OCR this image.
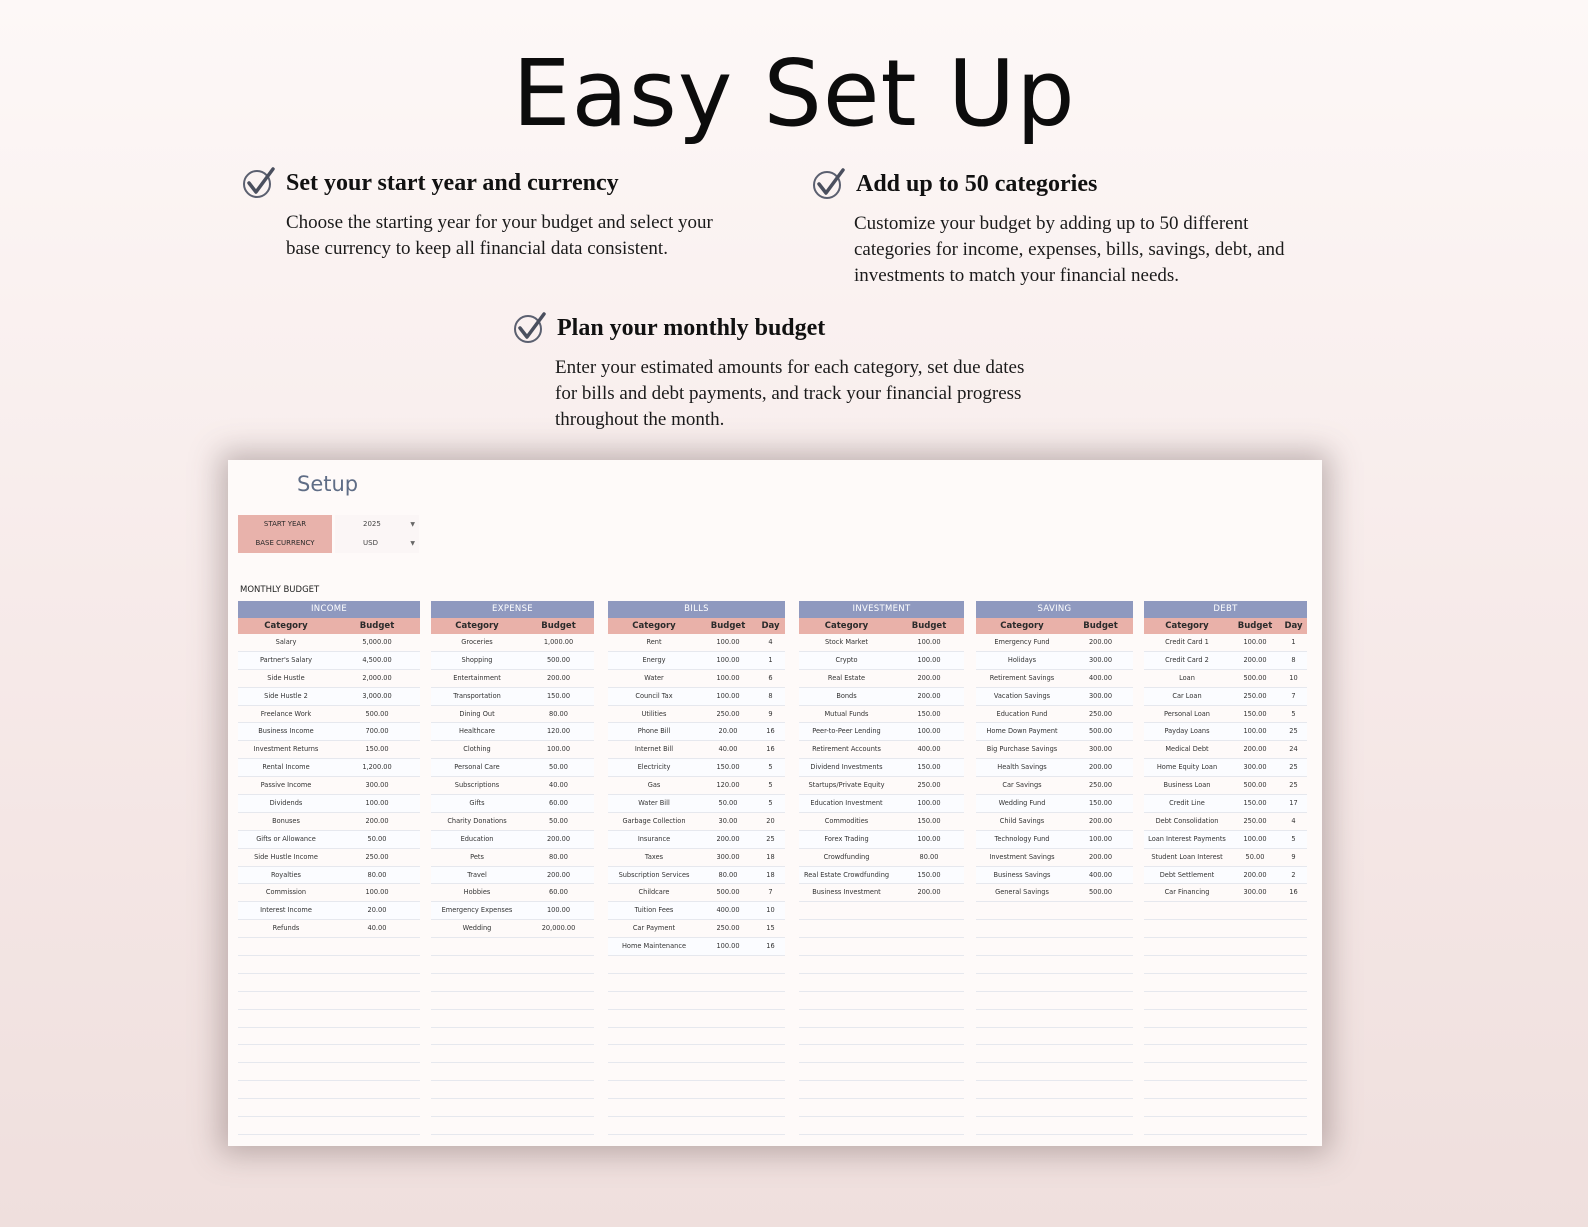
Easy Set Up
Set your start year and currency

Choose the starting year for your budget and select your base currency to keep all financial data consistent.

Add up to 50 categories

Customize your budget by adding up to 50 different categories for income, expenses, bills, savings, debt, and investments to match your financial needs.

Plan your monthly budget

Enter your estimated amounts for each category, set due dates for bills and debt payments, and track your financial progress throughout the month.

Setup
START YEAR	2025	▼
BASE CURRENCY	USD	▼
MONTHLY BUDGET
INCOME
Category	Budget
Salary	5,000.00
Partner's Salary	4,500.00
Side Hustle	2,000.00
Side Hustle 2	3,000.00
Freelance Work	500.00
Business Income	700.00
Investment Returns	150.00
Rental Income	1,200.00
Passive Income	300.00
Dividends	100.00
Bonuses	200.00
Gifts or Allowance	50.00
Side Hustle Income	250.00
Royalties	80.00
Commission	100.00
Interest Income	20.00
Refunds	40.00
EXPENSE
Category	Budget
Groceries	1,000.00
Shopping	500.00
Entertainment	200.00
Transportation	150.00
Dining Out	80.00
Healthcare	120.00
Clothing	100.00
Personal Care	50.00
Subscriptions	40.00
Gifts	60.00
Charity Donations	50.00
Education	200.00
Pets	80.00
Travel	200.00
Hobbies	60.00
Emergency Expenses	100.00
Wedding	20,000.00
BILLS
Category	Budget	Day
Rent	100.00	4
Energy	100.00	1
Water	100.00	6
Council Tax	100.00	8
Utilities	250.00	9
Phone Bill	20.00	16
Internet Bill	40.00	16
Electricity	150.00	5
Gas	120.00	5
Water Bill	50.00	5
Garbage Collection	30.00	20
Insurance	200.00	25
Taxes	300.00	18
Subscription Services	80.00	18
Childcare	500.00	7
Tuition Fees	400.00	10
Car Payment	250.00	15
Home Maintenance	100.00	16
INVESTMENT
Category	Budget
Stock Market	100.00
Crypto	100.00
Real Estate	200.00
Bonds	200.00
Mutual Funds	150.00
Peer-to-Peer Lending	100.00
Retirement Accounts	400.00
Dividend Investments	150.00
Startups/Private Equity	250.00
Education Investment	100.00
Commodities	150.00
Forex Trading	100.00
Crowdfunding	80.00
Real Estate Crowdfunding	150.00
Business Investment	200.00
SAVING
Category	Budget
Emergency Fund	200.00
Holidays	300.00
Retirement Savings	400.00
Vacation Savings	300.00
Education Fund	250.00
Home Down Payment	500.00
Big Purchase Savings	300.00
Health Savings	200.00
Car Savings	250.00
Wedding Fund	150.00
Child Savings	200.00
Technology Fund	100.00
Investment Savings	200.00
Business Savings	400.00
General Savings	500.00
DEBT
Category	Budget	Day
Credit Card 1	100.00	1
Credit Card 2	200.00	8
Loan	500.00	10
Car Loan	250.00	7
Personal Loan	150.00	5
Payday Loans	100.00	25
Medical Debt	200.00	24
Home Equity Loan	300.00	25
Business Loan	500.00	25
Credit Line	150.00	17
Debt Consolidation	250.00	4
Loan Interest Payments	100.00	5
Student Loan Interest	50.00	9
Debt Settlement	200.00	2
Car Financing	300.00	16
